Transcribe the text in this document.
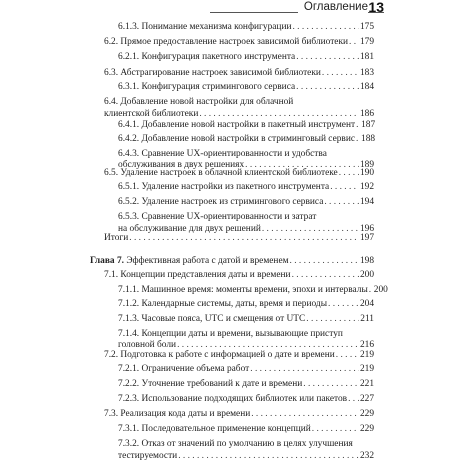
Оглавление 13
6.1.3. Понимание механизма конфигурации . . .	175
6.2. Прямое предоставление настроек зависимой библиотеки . . . 179
6.2.1. Конфигурация пакетного инструмента . . .	181
6.3. Абстрагирование настроек зависимой библиотеки . . .	183
6.3.1. Конфигурация стримингового сервиса . . .	184
6.4. Добавление новой настройки для облачной
клиентской библиотеки . . .	186
6.4.1. Добавление новой настройки в пакетный инструмент . . . 187
6.4.2. Добавление новой настройки в стриминговый сервис . . . 188
6.4.3. Сравнение UX-ориентированности и удобства
обслуживания в двух решениях . . .	189
6.5. Удаление настроек в облачной клиентской библиотеке . . . 190
6.5.1. Удаление настройки из пакетного инструмента . . .	192
6.5.2. Удаление настроек из стримингового сервиса . . .	194
6.5.3. Сравнение UX-ориентированности и затрат
на обслуживание для двух решений . . .	196
Итоги . . .	197
Глава 7. Эффективная работа с датой и временем . . .	198
7.1. Концепции представления даты и времени . . .	200
7.1.1. Машинное время: моменты времени, эпохи и интервалы . . . 200
7.1.2. Календарные системы, даты, время и периоды . . .	204
7.1.3. Часовые пояса, UTC и смещения от UTC . . .	211
7.1.4. Концепции даты и времени, вызывающие приступ
головной боли . . .	216
7.2. Подготовка к работе с информацией о дате и времени . . .	219
7.2.1. Ограничение объема работ . . .	219
7.2.2. Уточнение требований к дате и времени . . .	221
7.2.3. Использование подходящих библиотек или пакетов . . . 227
7.3. Реализация кода даты и времени . . .	229
7.3.1. Последовательное применение концепций . . .	229
7.3.2. Отказ от значений по умолчанию в целях улучшения
тестируемости . . .	232
